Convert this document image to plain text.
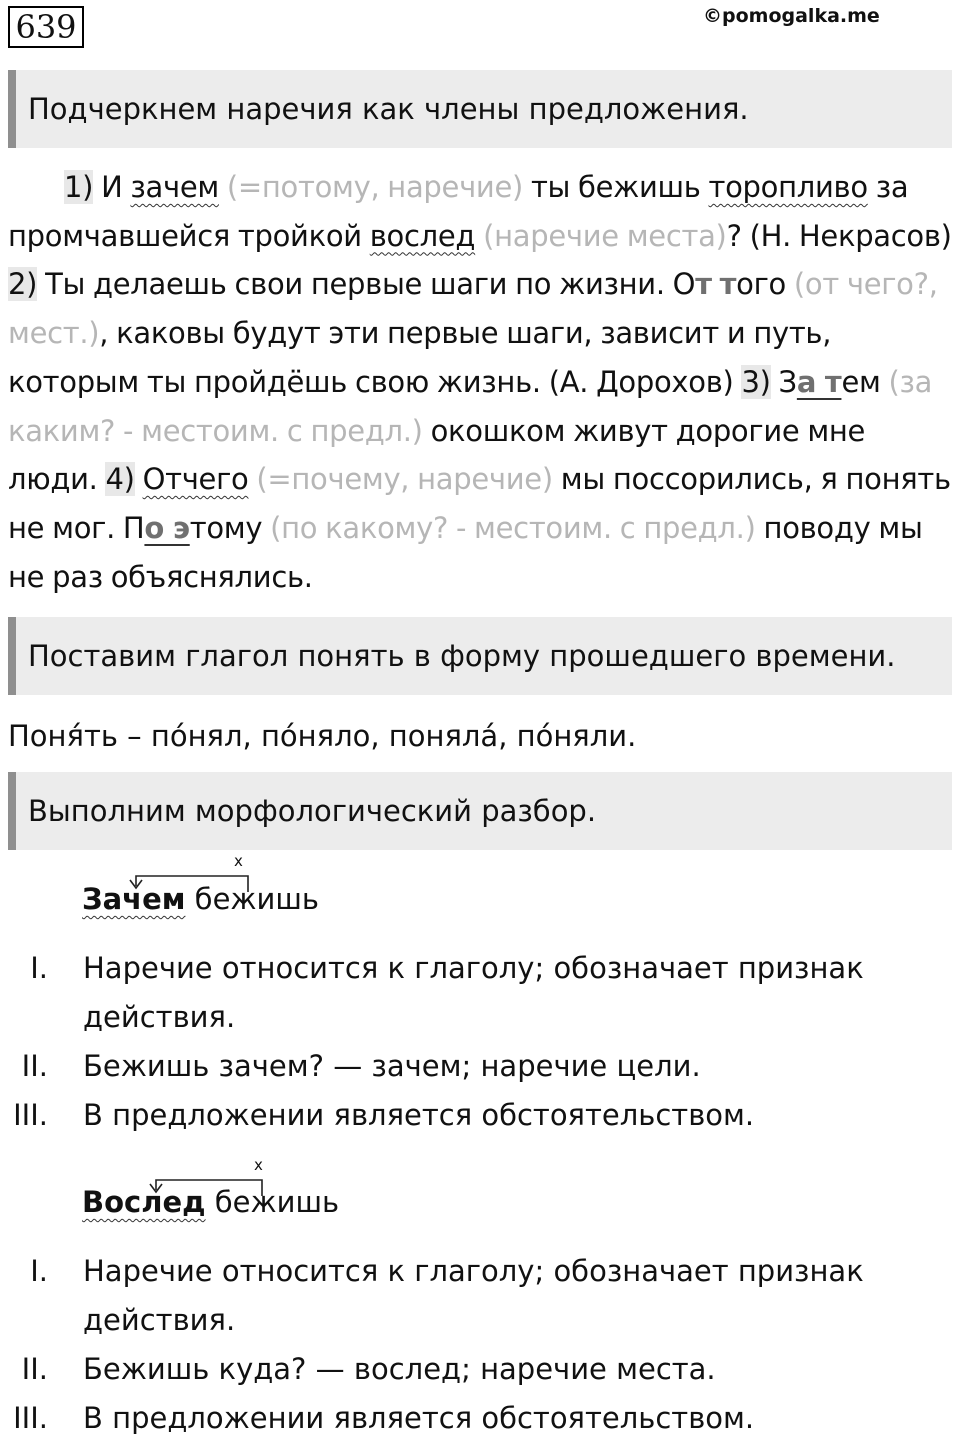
639	©pomogalka.me
Подчеркнем наречия как члены предложения.
1) И зачем (=потому, наречие) ты бежишь торопливо за промчавшейся тройкой вослед (наречие места)? (Н. Некрасов) 2) Ты делаешь свои первые шаги по жизни. От того (от чего?, мест.), каковы будут эти первые шаги, зависит и путь, которым ты пройдёшь свою жизнь. (А. Дорохов) 3) За тем (за каким? - местоим. с предл.) окошком живут дорогие мне люди. 4) Отчего (=почему, наречие) мы поссорились, я понять не мог. По этому (по какому? - местоим. с предл.) поводу мы не раз объяснялись.
Поставим глагол понять в форму прошедшего времени.
Поня́ть – по́нял, по́няло, поняла́, по́няли.
Выполним морфологический разбор.
x
Зачем бежишь
I. Наречие относится к глаголу; обозначает признак действия.
II. Бежишь зачем? — зачем; наречие цели.
III. В предложении является обстоятельством.
x
Вослед бежишь
I. Наречие относится к глаголу; обозначает признак действия.
II. Бежишь куда? — вослед; наречие места.
III. В предложении является обстоятельством.
